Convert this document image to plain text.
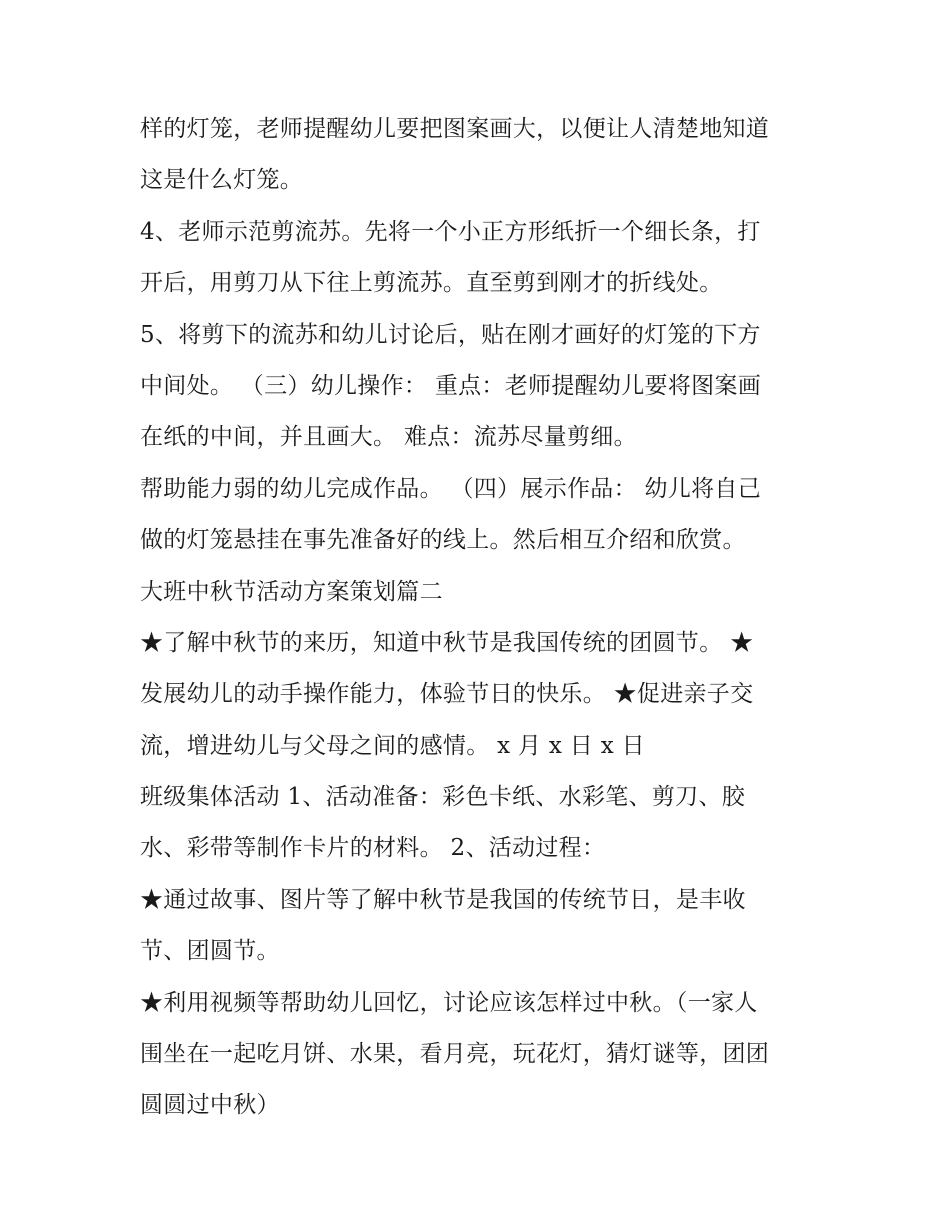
样的灯笼，老师提醒幼儿要把图案画大，以便让人清楚地知道
这是什么灯笼。
4、老师示范剪流苏。先将一个小正方形纸折一个细长条，打
开后，用剪刀从下往上剪流苏。直至剪到刚才的折线处。
5、将剪下的流苏和幼儿讨论后，贴在刚才画好的灯笼的下方
中间处。 （三）幼儿操作： 重点：老师提醒幼儿要将图案画
在纸的中间，并且画大。 难点：流苏尽量剪细。
帮助能力弱的幼儿完成作品。 （四）展示作品： 幼儿将自己
做的灯笼悬挂在事先准备好的线上。然后相互介绍和欣赏。
大班中秋节活动方案策划篇二
★了解中秋节的来历，知道中秋节是我国传统的团圆节。 ★
发展幼儿的动手操作能力，体验节日的快乐。 ★促进亲子交
流，增进幼儿与父母之间的感情。 x 月 x 日 x 日
班级集体活动 1、活动准备：彩色卡纸、水彩笔、剪刀、胶
水、彩带等制作卡片的材料。 2、活动过程：
★通过故事、图片等了解中秋节是我国的传统节日，是丰收
节、团圆节。
★利用视频等帮助幼儿回忆，讨论应该怎样过中秋。（一家人
围坐在一起吃月饼、水果，看月亮，玩花灯，猜灯谜等，团团
圆圆过中秋）
